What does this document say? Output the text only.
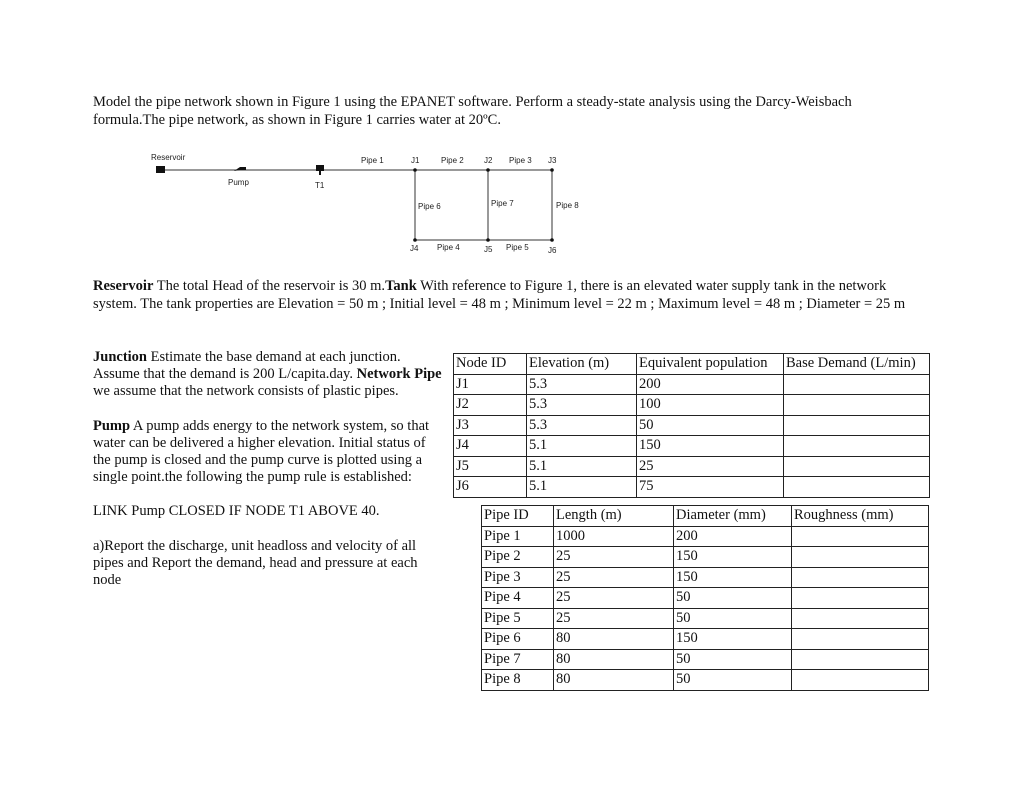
Model the pipe network shown in Figure 1 using the EPANET software. Perform a steady-state analysis using the Darcy-Weisbach formula.The pipe network, as shown in Figure 1 carries water at 20ºC.
Reservoir
Pump	T1
Pipe 1	J1	Pipe 2	J2 Pipe 3 J3
Pipe 6	Pipe 7	Pipe 8
J4 Pipe 4	J5 Pipe 5 J6
Reservoir The total Head of the reservoir is 30 m.Tank With reference to Figure 1, there is an elevated water supply tank in the network system. The tank properties are Elevation = 50 m ; Initial level = 48 m ; Minimum level = 22 m ; Maximum level = 48 m ; Diameter = 25 m

Junction Estimate the base demand at each junction. Assume that the demand is 200 L/capita.day. Network Pipe we assume that the network consists of plastic pipes.

Pump A pump adds energy to the network system, so that water can be delivered a higher elevation. Initial status of the pump is closed and the pump curve is plotted using a single point.the following the pump rule is established:

LINK Pump CLOSED IF NODE T1 ABOVE 40.

a)Report the discharge, unit headloss and velocity of all pipes and Report the demand, head and pressure at each node

Node ID	Elevation (m)	Equivalent population	Base Demand (L/min)
J1	5.3	200	
J2	5.3	100	
J3	5.3	50	
J4	5.1	150	
J5	5.1	25	
J6	5.1	75	
Pipe ID	Length (m)	Diameter (mm)	Roughness (mm)
Pipe 1	1000	200	
Pipe 2	25	150	
Pipe 3	25	150	
Pipe 4	25	50	
Pipe 5	25	50	
Pipe 6	80	150	
Pipe 7	80	50	
Pipe 8	80	50	
